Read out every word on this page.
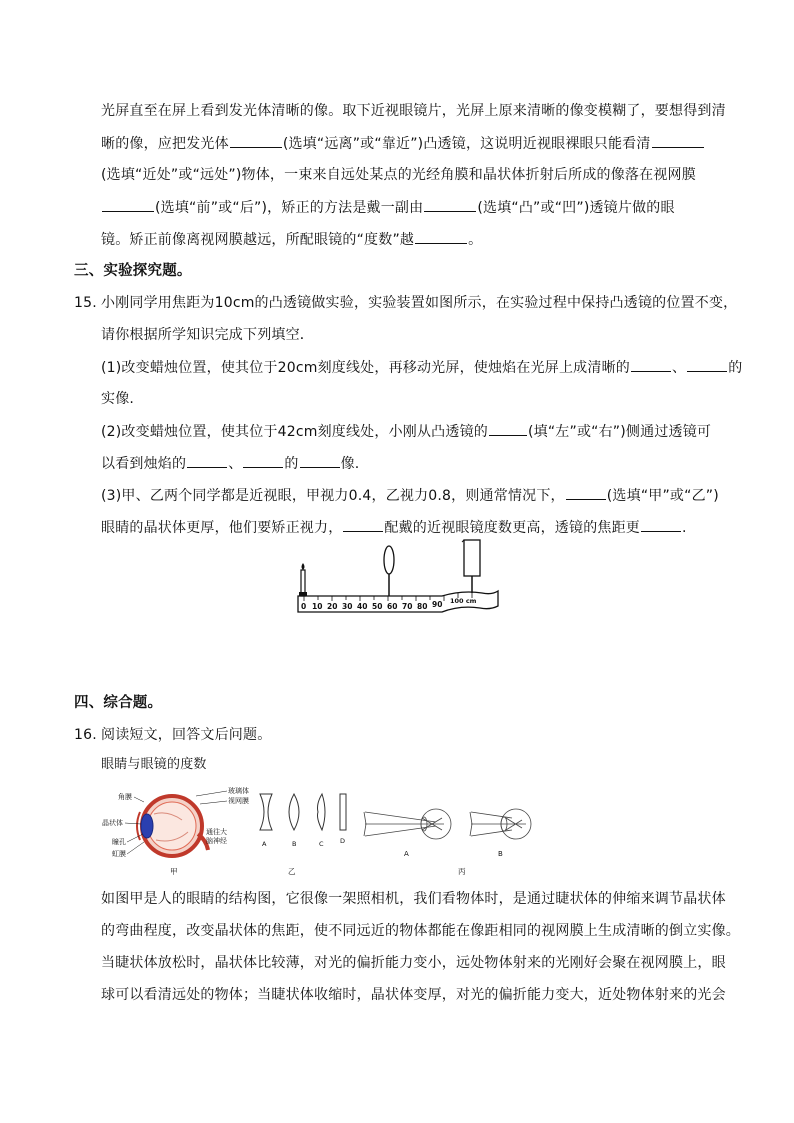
光屏直至在屏上看到发光体清晰的像。取下近视眼镜片，光屏上原来清晰的像变模糊了，要想得到清
晰的像，应把发光体	(选填“远离”或“靠近”)凸透镜，这说明近视眼裸眼只能看清
(选填“近处”或“远处”)物体，一束来自远处某点的光经角膜和晶状体折射后所成的像落在视网膜
(选填“前”或“后”)，矫正的方法是戴一副由	(选填“凸”或“凹”)透镜片做的眼
镜。矫正前像离视网膜越远，所配眼镜的“度数”越	。
三、实验探究题。
15. 小刚同学用焦距为10cm的凸透镜做实验，实验装置如图所示，在实验过程中保持凸透镜的位置不变，
请你根据所学知识完成下列填空．
(1)改变蜡烛位置，使其位于20cm刻度线处，再移动光屏，使烛焰在光屏上成清晰的	、	的
实像.
(2)改变蜡烛位置，使其位于42cm刻度线处，小刚从凸透镜的	(填“左”或“右”)侧通过透镜可
以看到烛焰的	、	的	像.
(3)甲、乙两个同学都是近视眼，甲视力0.4，乙视力0.8，则通常情况下，	(选填“甲”或“乙”)
眼睛的晶状体更厚，他们要矫正视力，	配戴的近视眼镜度数更高，透镜的焦距更	.
0 10 20 30 40 50 60 70 80 90 100 cm
四、综合题。
16. 阅读短文，回答文后问题。
眼睛与眼镜的度数
角膜
晶状体
瞳孔
虹膜
玻璃体
视网膜
通往大
脑神经
甲
A	B	C	D
乙
A	B
丙
如图甲是人的眼睛的结构图，它很像一架照相机，我们看物体时，是通过睫状体的伸缩来调节晶状体
的弯曲程度，改变晶状体的焦距，使不同远近的物体都能在像距相同的视网膜上生成清晰的倒立实像。
当睫状体放松时，晶状体比较薄，对光的偏折能力变小，远处物体射来的光刚好会聚在视网膜上，眼
球可以看清远处的物体；当睫状体收缩时，晶状体变厚，对光的偏折能力变大，近处物体射来的光会
